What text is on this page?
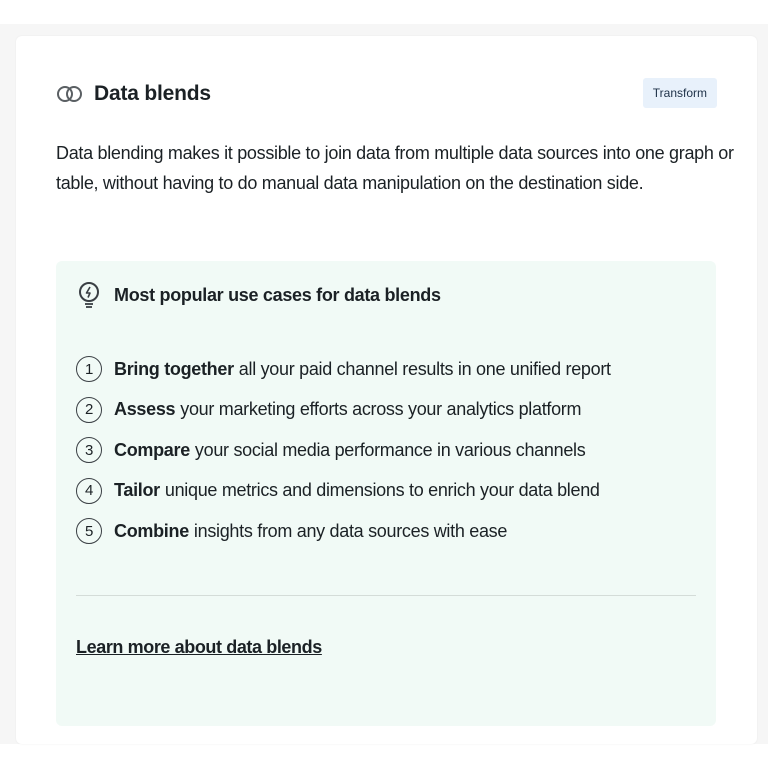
Data blends	Transform
Data blending makes it possible to join data from multiple data sources into one graph or table, without having to do manual data manipulation on the destination side.
Most popular use cases for data blends
1	Bring together all your paid channel results in one unified report
2	Assess your marketing efforts across your analytics platform
3	Compare your social media performance in various channels
4	Tailor unique metrics and dimensions to enrich your data blend
5	Combine insights from any data sources with ease
Learn more about data blends
